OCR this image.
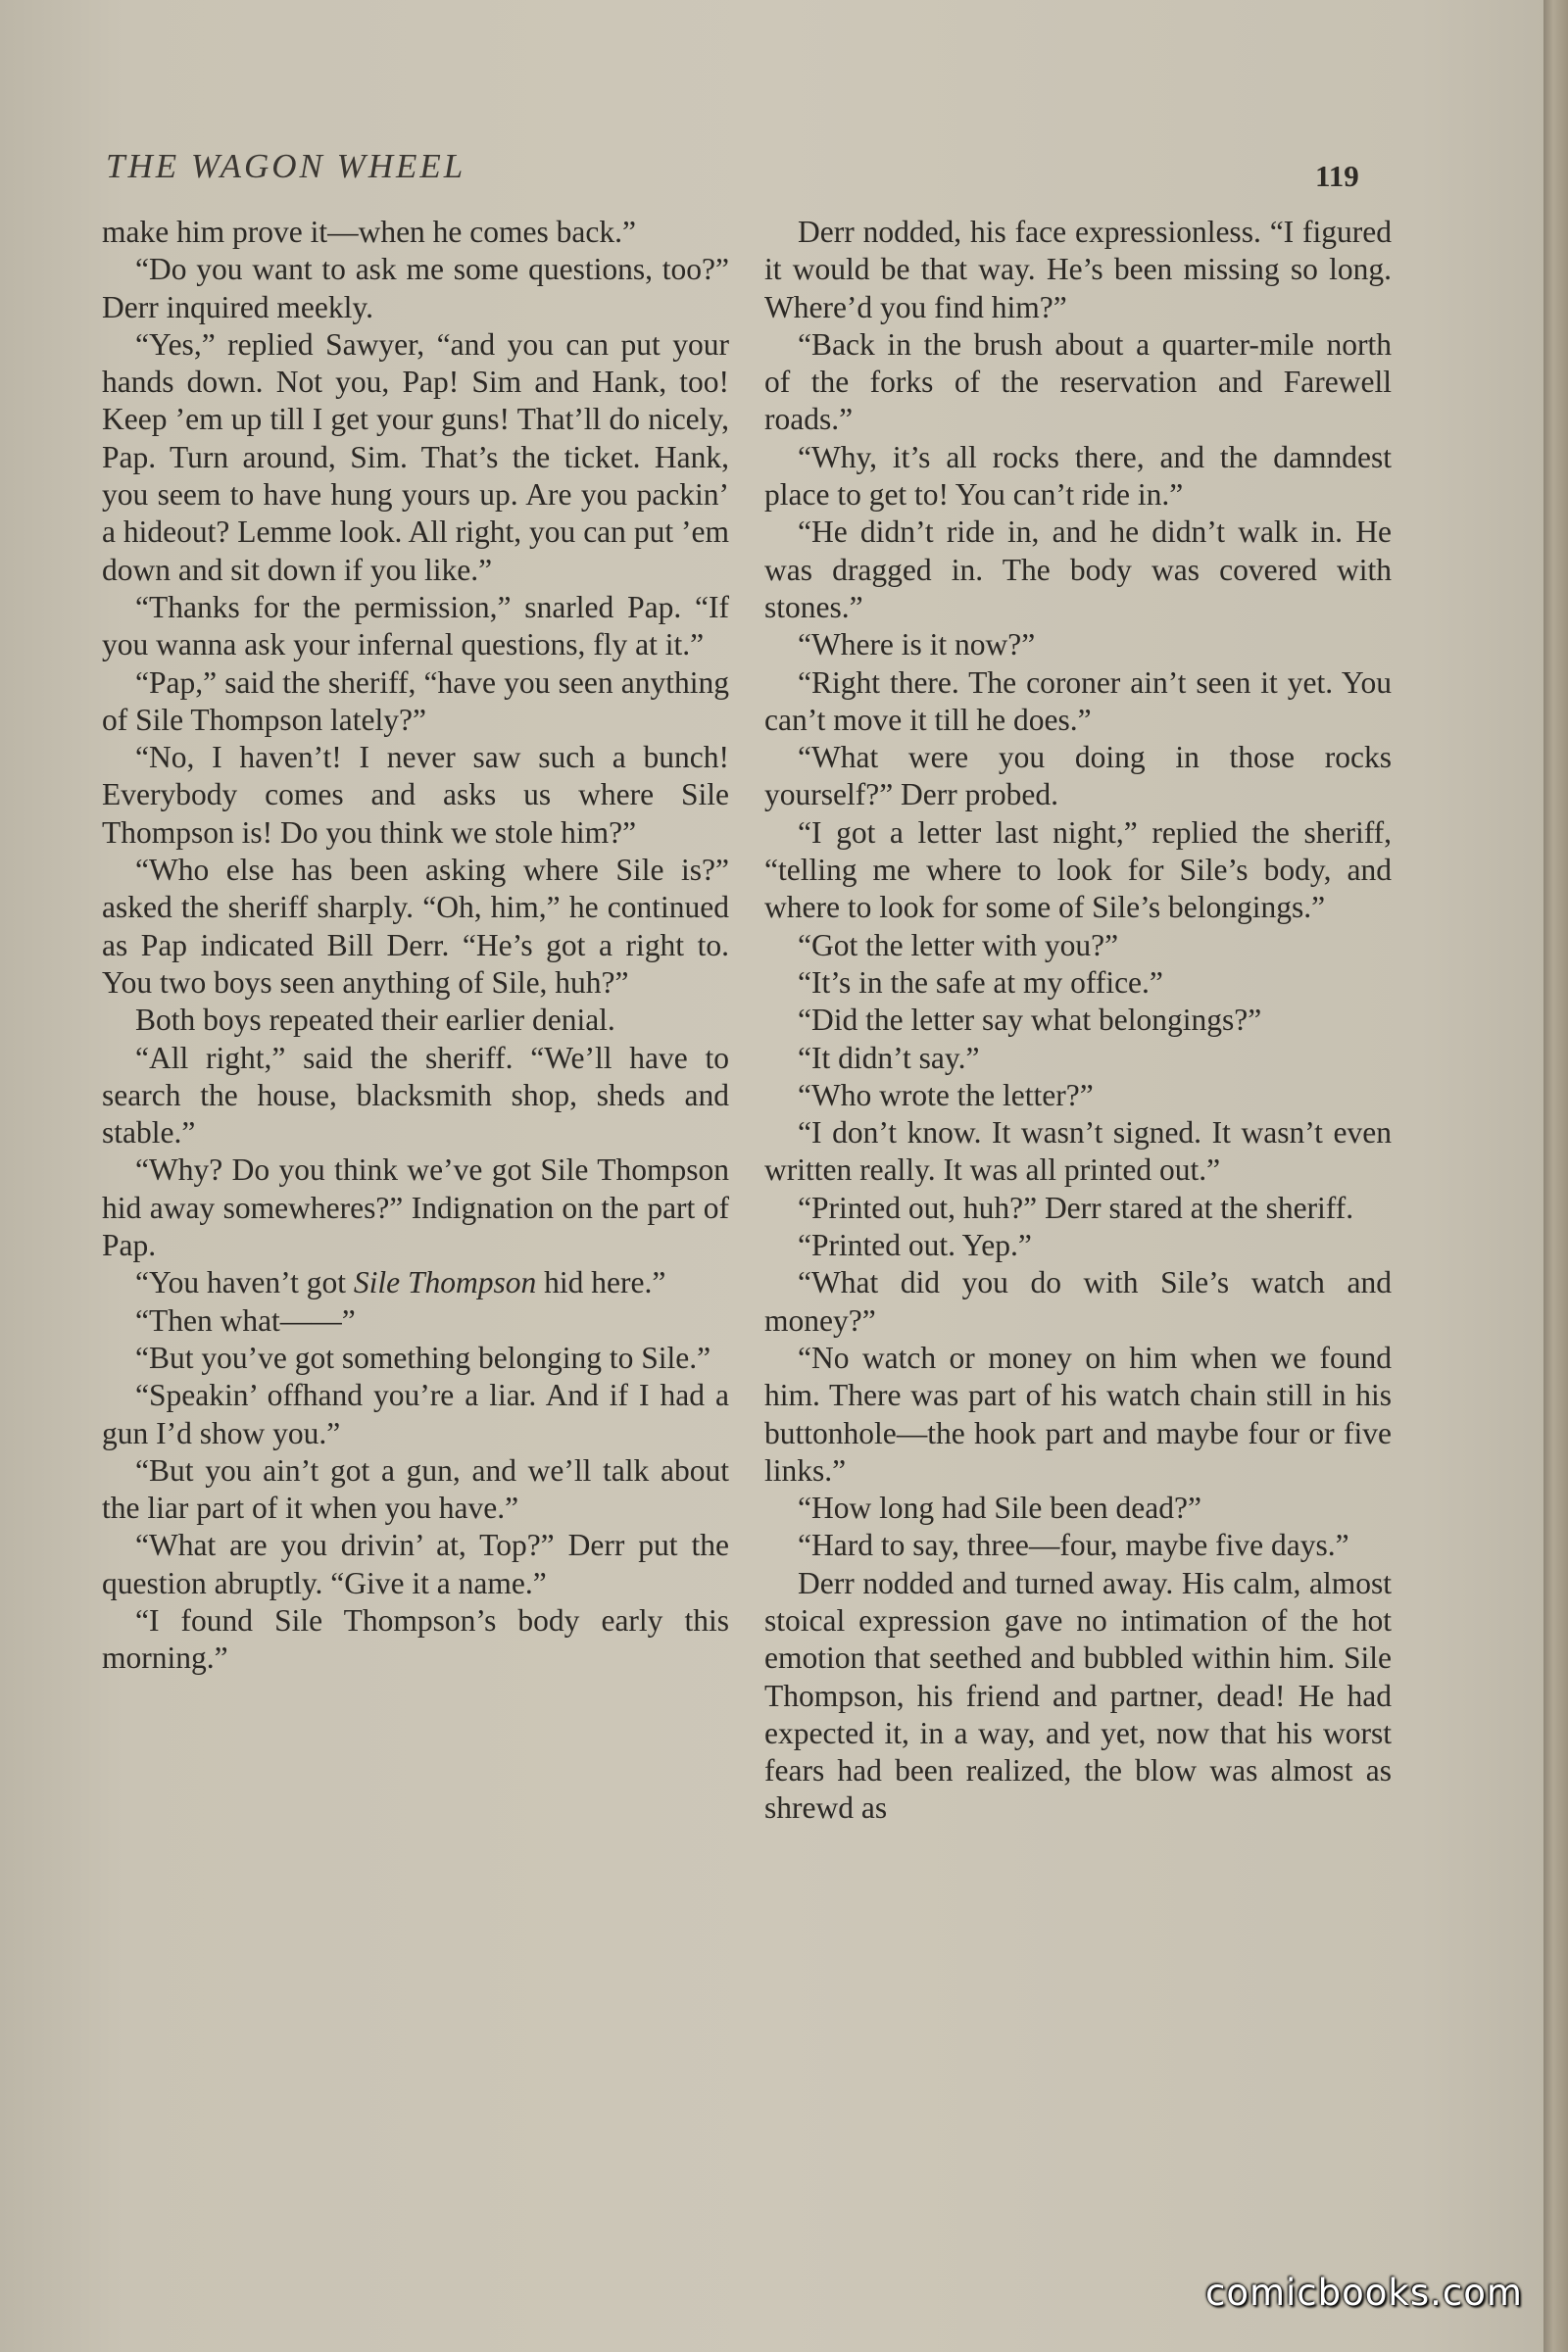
THE WAGON WHEEL	119

make him prove it—when he comes back.”

“Do you want to ask me some questions, too?” Derr inquired meekly.

“Yes,” replied Sawyer, “and you can put your hands down. Not you, Pap! Sim and Hank, too! Keep ’em up till I get your guns! That’ll do nicely, Pap. Turn around, Sim. That’s the ticket. Hank, you seem to have hung yours up. Are you packin’ a hideout? Lemme look. All right, you can put ’em down and sit down if you like.”

“Thanks for the permission,” snarled Pap. “If you wanna ask your infernal questions, fly at it.”

“Pap,” said the sheriff, “have you seen anything of Sile Thompson lately?”

“No, I haven’t! I never saw such a bunch! Everybody comes and asks us where Sile Thompson is! Do you think we stole him?”

“Who else has been asking where Sile is?” asked the sheriff sharply. “Oh, him,” he continued as Pap indicated Bill Derr. “He’s got a right to. You two boys seen anything of Sile, huh?”

Both boys repeated their earlier denial.

“All right,” said the sheriff. “We’ll have to search the house, blacksmith shop, sheds and stable.”

“Why? Do you think we’ve got Sile Thompson hid away somewheres?” Indignation on the part of Pap.

“You haven’t got Sile Thompson hid here.”

“Then what——”

“But you’ve got something belonging to Sile.”

“Speakin’ offhand you’re a liar. And if I had a gun I’d show you.”

“But you ain’t got a gun, and we’ll talk about the liar part of it when you have.”

“What are you drivin’ at, Top?” Derr put the question abruptly. “Give it a name.”

“I found Sile Thompson’s body early this morning.”

Derr nodded, his face expressionless. “I figured it would be that way. He’s been missing so long. Where’d you find him?”

“Back in the brush about a quarter-mile north of the forks of the reservation and Farewell roads.”

“Why, it’s all rocks there, and the damndest place to get to! You can’t ride in.”

“He didn’t ride in, and he didn’t walk in. He was dragged in. The body was covered with stones.”

“Where is it now?”

“Right there. The coroner ain’t seen it yet. You can’t move it till he does.”

“What were you doing in those rocks yourself?” Derr probed.

“I got a letter last night,” replied the sheriff, “telling me where to look for Sile’s body, and where to look for some of Sile’s belongings.”

“Got the letter with you?”

“It’s in the safe at my office.”

“Did the letter say what belongings?”

“It didn’t say.”

“Who wrote the letter?”

“I don’t know. It wasn’t signed. It wasn’t even written really. It was all printed out.”

“Printed out, huh?” Derr stared at the sheriff.

“Printed out. Yep.”

“What did you do with Sile’s watch and money?”

“No watch or money on him when we found him. There was part of his watch chain still in his buttonhole—the hook part and maybe four or five links.”

“How long had Sile been dead?”

“Hard to say, three—four, maybe five days.”

Derr nodded and turned away. His calm, almost stoical expression gave no intimation of the hot emotion that seethed and bubbled within him. Sile Thompson, his friend and partner, dead! He had expected it, in a way, and yet, now that his worst fears had been realized, the blow was almost as shrewd as

comicbooks.com
